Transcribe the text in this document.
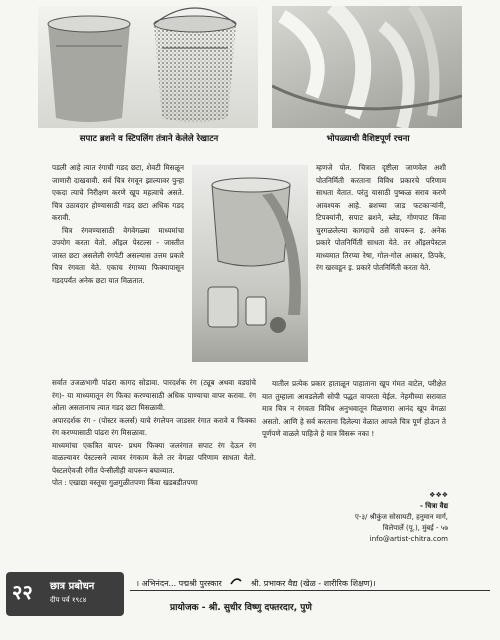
सपाट ब्रशने व स्टिपलिंग तंत्राने केलेले रेखाटन	भोपळ्याची वैशिष्टपूर्ण रचना

पडली आहे त्यात रंगाची गडद छटा, शेवटी मिसळून जाणारी दाखवावी. सर्व चित्र रंगवून झाल्यावर पुन्हा एकदा त्याचे निरीक्षण करणे खूप महत्वाचे असते. चित्र उठावदार होण्यासाठी गडद छटा अधिक गडद करावी.

चित्र रंगवण्यासाठी वेगवेगळ्या माध्यमांचा उपयोग करता येतो. ऑइल पेस्टल्स - जास्तीत जास्त छटा असलेली रंगपेटी असल्यास उत्तम प्रकारे चित्र रंगवता येते. एकाच रंगाच्या फिक्यापासून गडदपर्यंत अनेक छटा यात मिळतात.

सर्वात उजळभागी पांढरा कागद सोडावा. पारदर्शक रंग (ट्यूब अथवा वड्यांचे रंग)- या माध्यमातून रंग फिका करण्यासाठी अधिक पाण्याचा वापर करावा. रंग ओला असतानाच त्यात गडद छटा मिसळावी.

अपारदर्शक रंग - (पोस्टर कलर्स) याचे रंगलेपन जाडसर रंगात करावे व फिक्का रंग करण्यासाठी पांढरा रंग मिसळावा.

माध्यमांचा एकत्रित वापर- प्रथम फिक्या जलरंगात सपाट रंग देऊन रंग वाळल्यावर पेस्टल्सने त्यावर रंगकाम केले तर वेगळा परिणाम साधता येतो. पेस्टलऐवजी रंगीत पेन्सीलीही वापरून बघाव्यात.

पोत : एखाद्या वस्तूचा गुळगुळीतपणा किंवा खडबडीतपणा

म्हणजे पोत. चित्रात दृष्टीला जाणवेल अशी पोतनिर्मिती करताना विविध प्रकारचे परिणाम साधता येतात. परंतु यासाठी पुष्कळ सराव करणे आवश्यक आहे. ब्रशच्या जाड फटकाऱ्यांनी, टिपक्यांनी, सपाट ब्रशने, ब्लेड, गोणपाट किंवा चुरगळलेल्या कागदाचे ठसे वापरून इ. अनेक प्रकारे पोतनिर्मिती साधता येते. तर ऑइलपेस्टल माध्यमात तिरप्या रेषा, गोल-गोल आकार, ठिपके, रंग खरवडून इ. प्रकारे पोतनिर्मिती करता येते.

यातील प्रत्येक प्रकार हाताळून पाहाताना खूप गंमत वाटेल, परीक्षेत यात तुम्हाला आवडलेली सोपी पद्धत वापरता येईल. नेहमीच्या सरावात मात्र चित्र न रंगवता विविध अनुभवातून मिळणारा आनंद खूप वेगळा असतो. आणि हे सर्व करताना दिलेल्या वेळात आपले चित्र पूर्ण होऊन ते पूर्णपणे वाळले पाहिजे हे मात्र विसरू नका !

❖❖❖
- चित्रा वैद्य
ए-३/ श्रीकुंज सोसायटी, हनुमान मार्ग,
विलेपार्ले (पू.), मुंबई - ५७
info@artist-chitra.com
२२ छात्र प्रबोधन
दीप पर्व १९८४
। अभिनंदन... पद्मश्री पुरस्कार	श्री. प्रभाकर वैद्य (खेळ - शारीरिक शिक्षण)।
प्रायोजक - श्री. सुधीर विष्णु दफ्तरदार, पुणे
